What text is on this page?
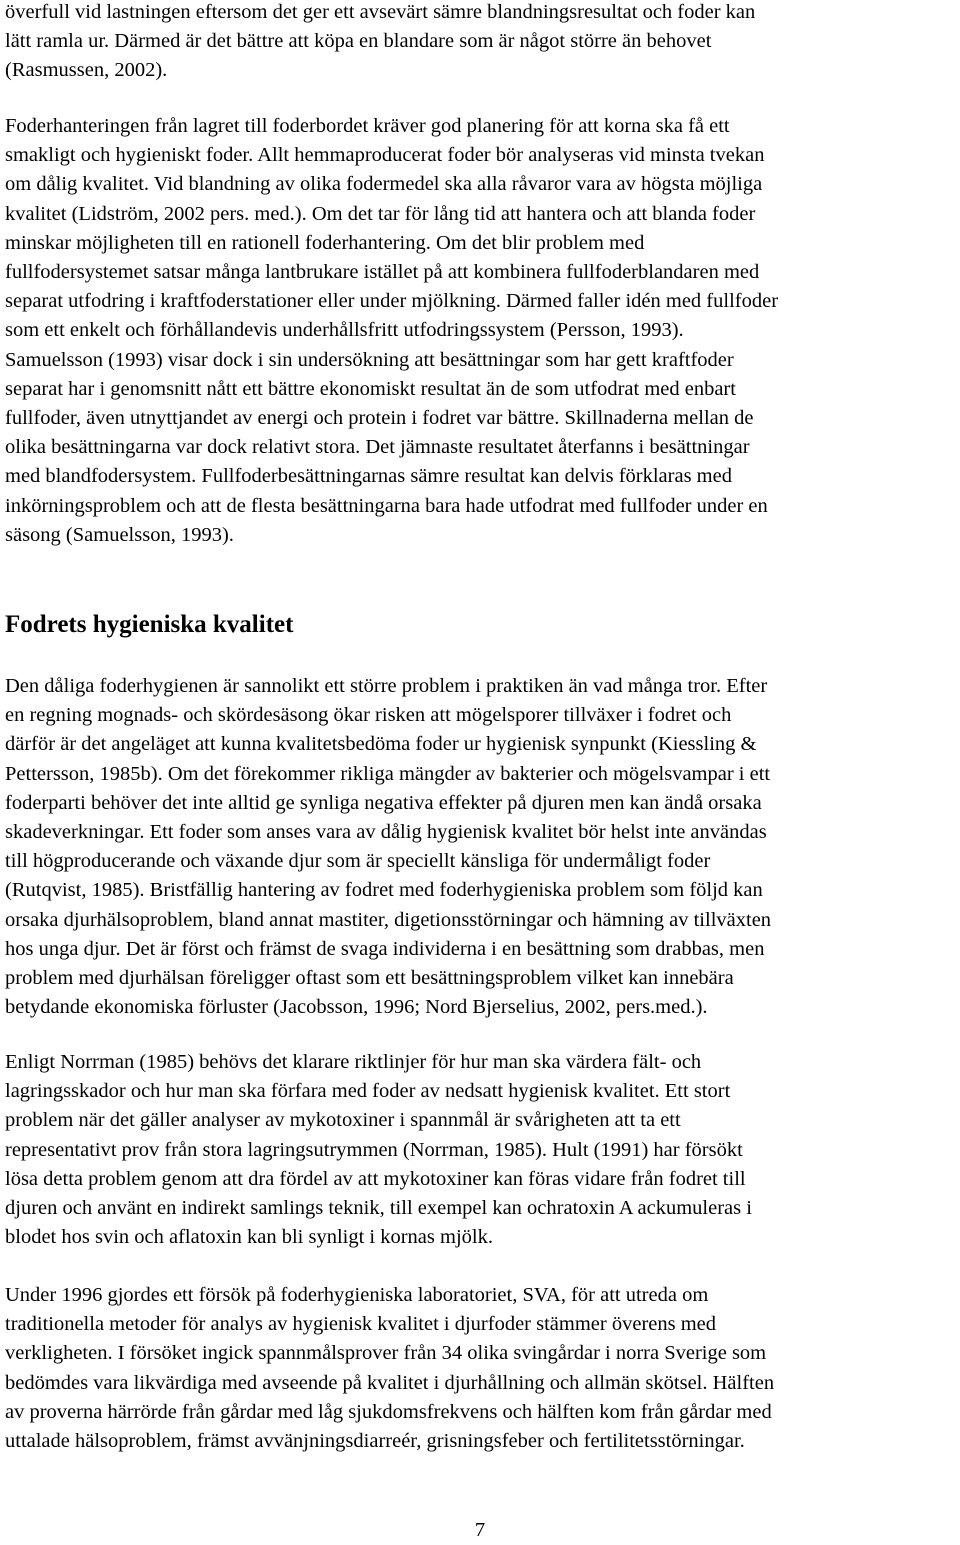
överfull vid lastningen eftersom det ger ett avsevärt sämre blandningsresultat och foder kan
lätt ramla ur. Därmed är det bättre att köpa en blandare som är något större än behovet
(Rasmussen, 2002).
Foderhanteringen från lagret till foderbordet kräver god planering för att korna ska få ett
smakligt och hygieniskt foder. Allt hemmaproducerat foder bör analyseras vid minsta tvekan
om dålig kvalitet. Vid blandning av olika fodermedel ska alla råvaror vara av högsta möjliga
kvalitet (Lidström, 2002 pers. med.). Om det tar för lång tid att hantera och att blanda foder
minskar möjligheten till en rationell foderhantering. Om det blir problem med
fullfodersystemet satsar många lantbrukare istället på att kombinera fullfoderblandaren med
separat utfodring i kraftfoderstationer eller under mjölkning. Därmed faller idén med fullfoder
som ett enkelt och förhållandevis underhållsfritt utfodringssystem (Persson, 1993).
Samuelsson (1993) visar dock i sin undersökning att besättningar som har gett kraftfoder
separat har i genomsnitt nått ett bättre ekonomiskt resultat än de som utfodrat med enbart
fullfoder, även utnyttjandet av energi och protein i fodret var bättre. Skillnaderna mellan de
olika besättningarna var dock relativt stora. Det jämnaste resultatet återfanns i besättningar
med blandfodersystem. Fullfoderbesättningarnas sämre resultat kan delvis förklaras med
inkörningsproblem och att de flesta besättningarna bara hade utfodrat med fullfoder under en
säsong (Samuelsson, 1993).
Fodrets hygieniska kvalitet
Den dåliga foderhygienen är sannolikt ett större problem i praktiken än vad många tror. Efter
en regning mognads- och skördesäsong ökar risken att mögelsporer tillväxer i fodret och
därför är det angeläget att kunna kvalitetsbedöma foder ur hygienisk synpunkt (Kiessling &
Pettersson, 1985b). Om det förekommer rikliga mängder av bakterier och mögelsvampar i ett
foderparti behöver det inte alltid ge synliga negativa effekter på djuren men kan ändå orsaka
skadeverkningar. Ett foder som anses vara av dålig hygienisk kvalitet bör helst inte användas
till högproducerande och växande djur som är speciellt känsliga för undermåligt foder
(Rutqvist, 1985). Bristfällig hantering av fodret med foderhygieniska problem som följd kan
orsaka djurhälsoproblem, bland annat mastiter, digetionsstörningar och hämning av tillväxten
hos unga djur. Det är först och främst de svaga individerna i en besättning som drabbas, men
problem med djurhälsan föreligger oftast som ett besättningsproblem vilket kan innebära
betydande ekonomiska förluster (Jacobsson, 1996; Nord Bjerselius, 2002, pers.med.).
Enligt Norrman (1985) behövs det klarare riktlinjer för hur man ska värdera fält- och
lagringsskador och hur man ska förfara med foder av nedsatt hygienisk kvalitet. Ett stort
problem när det gäller analyser av mykotoxiner i spannmål är svårigheten att ta ett
representativt prov från stora lagringsutrymmen (Norrman, 1985). Hult (1991) har försökt
lösa detta problem genom att dra fördel av att mykotoxiner kan föras vidare från fodret till
djuren och använt en indirekt samlings teknik, till exempel kan ochratoxin A ackumuleras i
blodet hos svin och aflatoxin kan bli synligt i kornas mjölk.
Under 1996 gjordes ett försök på foderhygieniska laboratoriet, SVA, för att utreda om
traditionella metoder för analys av hygienisk kvalitet i djurfoder stämmer överens med
verkligheten. I försöket ingick spannmålsprover från 34 olika svingårdar i norra Sverige som
bedömdes vara likvärdiga med avseende på kvalitet i djurhållning och allmän skötsel. Hälften
av proverna härrörde från gårdar med låg sjukdomsfrekvens och hälften kom från gårdar med
uttalade hälsoproblem, främst avvänjningsdiarreér, grisningsfeber och fertilitetsstörningar.
7
